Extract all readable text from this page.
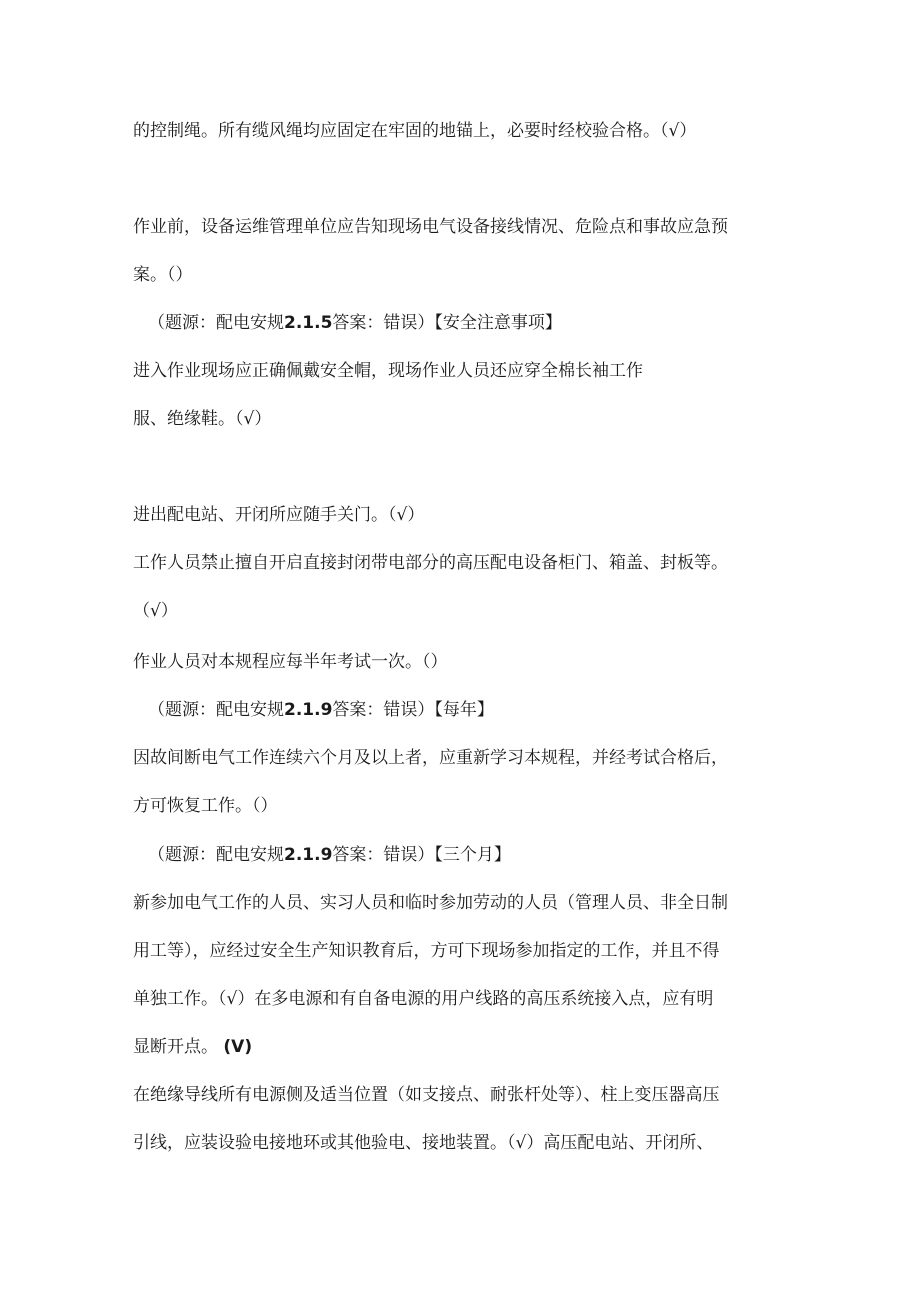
的控制绳。所有缆风绳均应固定在牢固的地锚上，必要时经校验合格。（√）
作业前，设备运维管理单位应告知现场电气设备接线情况、危险点和事故应急预
案。（）
（题源：配电安规2.1.5答案：错误）【安全注意事项】
进入作业现场应正确佩戴安全帽，现场作业人员还应穿全棉长袖工作
服、绝缘鞋。（√）
进出配电站、开闭所应随手关门。（√）
工作人员禁止擅自开启直接封闭带电部分的高压配电设备柜门、箱盖、封板等。
（√）
作业人员对本规程应每半年考试一次。（）
（题源：配电安规2.1.9答案：错误）【每年】
因故间断电气工作连续六个月及以上者，应重新学习本规程，并经考试合格后，
方可恢复工作。（）
（题源：配电安规2.1.9答案：错误）【三个月】
新参加电气工作的人员、实习人员和临时参加劳动的人员（管理人员、非全日制
用工等），应经过安全生产知识教育后，方可下现场参加指定的工作，并且不得
单独工作。（√）在多电源和有自备电源的用户线路的高压系统接入点，应有明
显断开点。 (V)
在绝缘导线所有电源侧及适当位置（如支接点、耐张杆处等）、柱上变压器高压
引线，应装设验电接地环或其他验电、接地装置。（√）高压配电站、开闭所、
